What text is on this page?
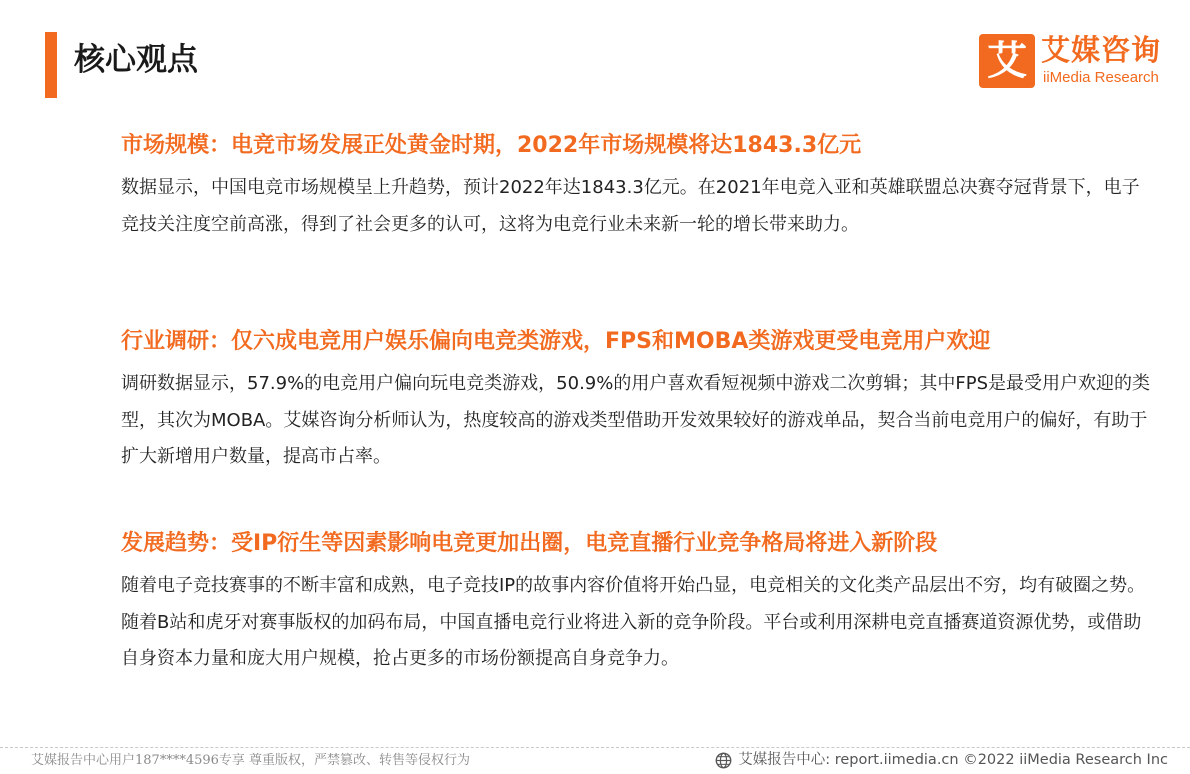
核心观点	艾 艾媒咨询
iiMedia Research
市场规模：电竞市场发展正处黄金时期，2022年市场规模将达1843.3亿元
数据显示，中国电竞市场规模呈上升趋势，预计2022年达1843.3亿元。在2021年电竞入亚和英雄联盟总决赛夺冠背景下，电子竞技关注度空前高涨，得到了社会更多的认可，这将为电竞行业未来新一轮的增长带来助力。
行业调研：仅六成电竞用户娱乐偏向电竞类游戏，FPS和MOBA类游戏更受电竞用户欢迎
调研数据显示，57.9%的电竞用户偏向玩电竞类游戏，50.9%的用户喜欢看短视频中游戏二次剪辑；其中FPS是最受用户欢迎的类型，其次为MOBA。艾媒咨询分析师认为，热度较高的游戏类型借助开发效果较好的游戏单品，契合当前电竞用户的偏好，有助于扩大新增用户数量，提高市占率。
发展趋势：受IP衍生等因素影响电竞更加出圈，电竞直播行业竞争格局将进入新阶段
随着电子竞技赛事的不断丰富和成熟，电子竞技IP的故事内容价值将开始凸显，电竞相关的文化类产品层出不穷，均有破圈之势。随着B站和虎牙对赛事版权的加码布局，中国直播电竞行业将进入新的竞争阶段。平台或利用深耕电竞直播赛道资源优势，或借助自身资本力量和庞大用户规模，抢占更多的市场份额提高自身竞争力。
艾媒报告中心用户187****4596专享 尊重版权，严禁篡改、转售等侵权行为	艾媒报告中心:
report.iimedia.cn
©2022 iiMedia Research Inc
